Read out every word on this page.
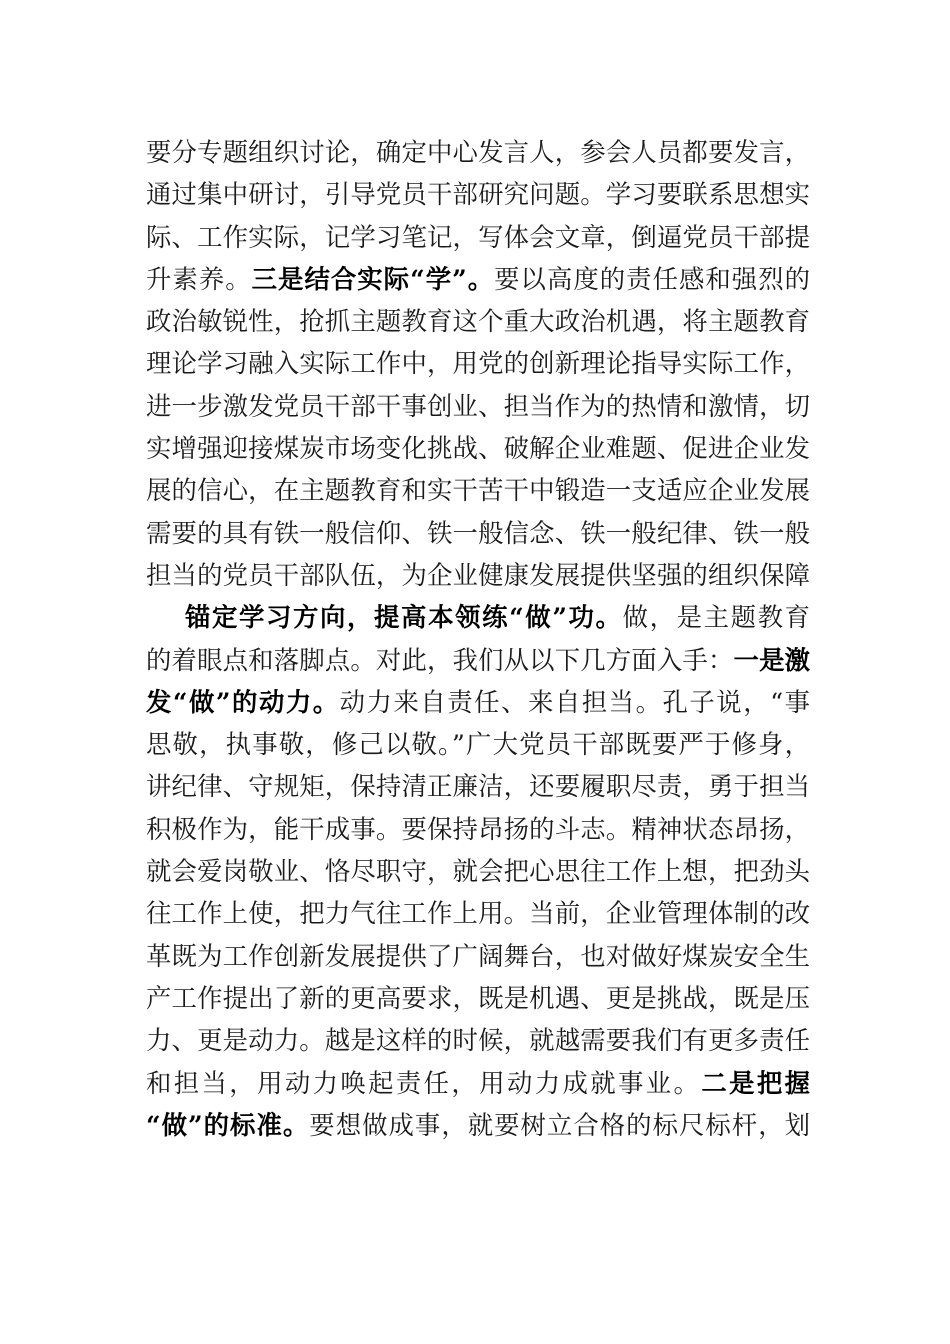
要分专题组织讨论，确定中心发言人，参会人员都要发言，
通过集中研讨，引导党员干部研究问题。学习要联系思想实
际、工作实际，记学习笔记，写体会文章，倒逼党员干部提
升素养。三是结合实际“学”。要以高度的责任感和强烈的
政治敏锐性，抢抓主题教育这个重大政治机遇，将主题教育
理论学习融入实际工作中，用党的创新理论指导实际工作，
进一步激发党员干部干事创业、担当作为的热情和激情，切
实增强迎接煤炭市场变化挑战、破解企业难题、促进企业发
展的信心，在主题教育和实干苦干中锻造一支适应企业发展
需要的具有铁一般信仰、铁一般信念、铁一般纪律、铁一般
担当的党员干部队伍，为企业健康发展提供坚强的组织保障
锚定学习方向，提高本领练“做”功。做，是主题教育
的着眼点和落脚点。对此，我们从以下几方面入手：一是激
发“做”的动力。动力来自责任、来自担当。孔子说，“事
思敬，执事敬，修己以敬。”广大党员干部既要严于修身，
讲纪律、守规矩，保持清正廉洁，还要履职尽责，勇于担当
积极作为，能干成事。要保持昂扬的斗志。精神状态昂扬，
就会爱岗敬业、恪尽职守，就会把心思往工作上想，把劲头
往工作上使，把力气往工作上用。当前，企业管理体制的改
革既为工作创新发展提供了广阔舞台，也对做好煤炭安全生
产工作提出了新的更高要求，既是机遇、更是挑战，既是压
力、更是动力。越是这样的时候，就越需要我们有更多责任
和担当，用动力唤起责任，用动力成就事业。二是把握
“做”的标准。要想做成事，就要树立合格的标尺标杆，划
